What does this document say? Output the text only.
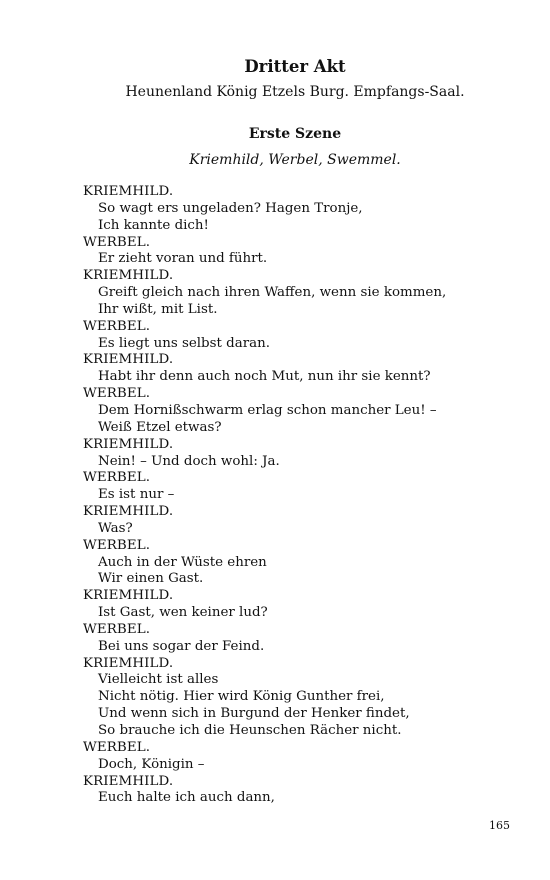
Dritter Akt

Heunenland König Etzels Burg. Empfangs-Saal.

Erste Szene

Kriemhild, Werbel, Swemmel.

KRIEMHILD.
So wagt ers ungeladen? Hagen Tronje,
Ich kannte dich!
WERBEL.
Er zieht voran und führt.
KRIEMHILD.
Greift gleich nach ihren Waffen, wenn sie kommen,
Ihr wißt, mit List.
WERBEL.
Es liegt uns selbst daran.
KRIEMHILD.
Habt ihr denn auch noch Mut, nun ihr sie kennt?
WERBEL.
Dem Hornißschwarm erlag schon mancher Leu! –
Weiß Etzel etwas?
KRIEMHILD.
Nein! – Und doch wohl: Ja.
WERBEL.
Es ist nur –
KRIEMHILD.
Was?
WERBEL.
Auch in der Wüste ehren
Wir einen Gast.
KRIEMHILD.
Ist Gast, wen keiner lud?
WERBEL.
Bei uns sogar der Feind.
KRIEMHILD.
Vielleicht ist alles
Nicht nötig. Hier wird König Gunther frei,
Und wenn sich in Burgund der Henker findet,
So brauche ich die Heunschen Rächer nicht.
WERBEL.
Doch, Königin –
KRIEMHILD.
Euch halte ich auch dann,
165
